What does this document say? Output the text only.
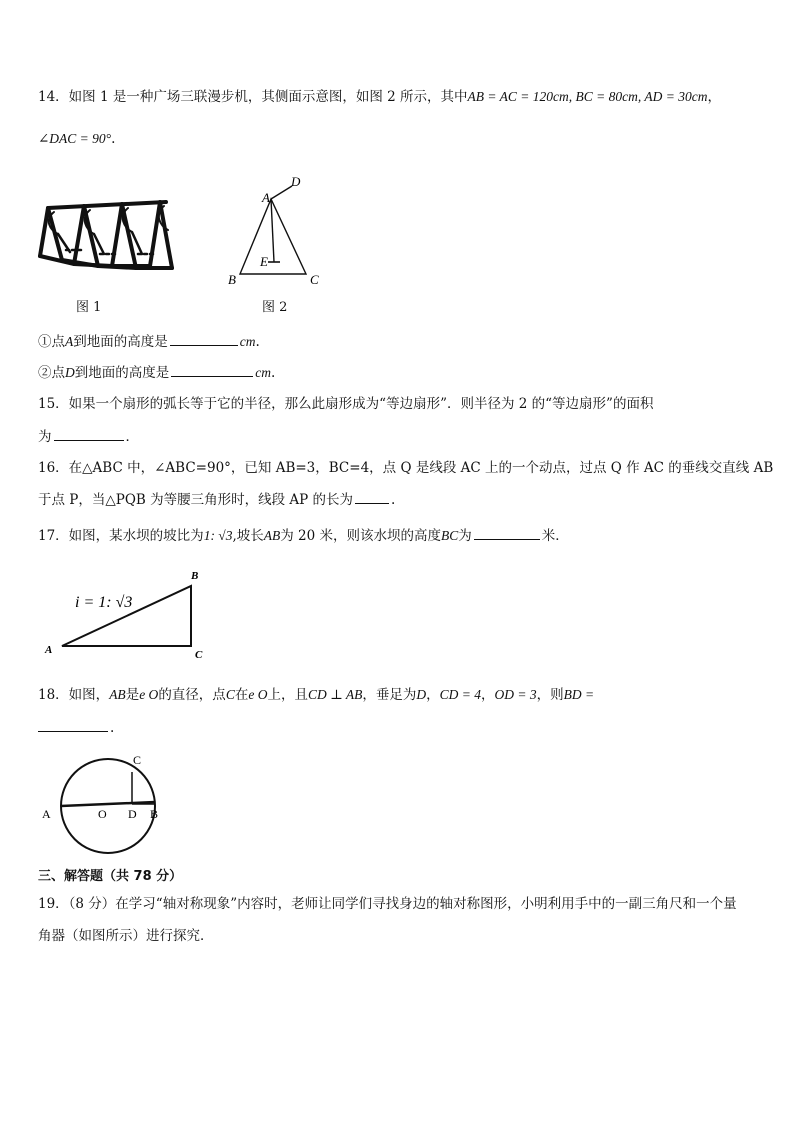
14．如图 1 是一种广场三联漫步机，其侧面示意图，如图 2 所示，其中AB = AC = 120cm, BC = 80cm, AD = 30cm，
∠DAC = 90°.
图 1
A
D
E
B	C
图 2
①点A到地面的高度是	cm.
②点D到地面的高度是	cm.
15．如果一个扇形的弧长等于它的半径，那么此扇形成为“等边扇形”．则半径为 2 的“等边扇形”的面积
为	．
16．在△ABC 中，∠ABC=90°，已知 AB=3，BC=4，点 Q 是线段 AC 上的一个动点，过点 Q 作 AC 的垂线交直线 AB
于点 P，当△PQB 为等腰三角形时，线段 AP 的长为	.
17．如图，某水坝的坡比为1: √3,坡长AB为 20 米，则该水坝的高度BC为	米．
i = 1: √3
A
B
C
18．如图，AB是e O的直径，点C在e O上，且CD ⊥ AB，垂足为D，CD = 4，OD = 3，则BD =
.
A	O D B
C
三、解答题（共 78 分）
19．（8 分）在学习“轴对称现象”内容时，老师让同学们寻找身边的轴对称图形，小明利用手中的一副三角尺和一个量
角器（如图所示）进行探究．
